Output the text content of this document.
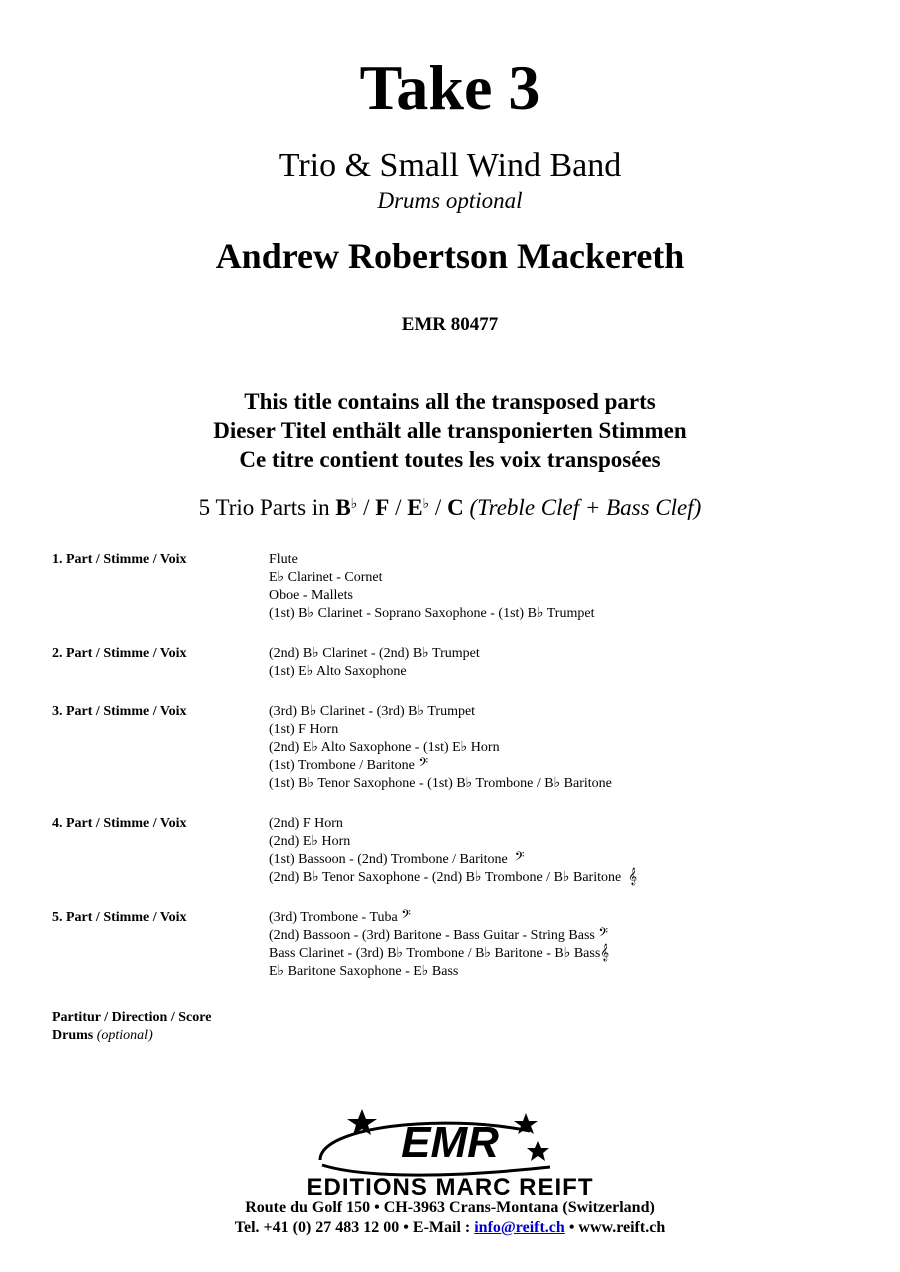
Take 3
Trio & Small Wind Band
Drums optional
Andrew Robertson Mackereth
EMR 80477
This title contains all the transposed parts
Dieser Titel enthält alle transponierten Stimmen
Ce titre contient toutes les voix transposées
5 Trio Parts in B♭ / F / E♭ / C (Treble Clef + Bass Clef)
1. Part / Stimme / Voix	Flute
E♭ Clarinet - Cornet
Oboe - Mallets
(1st) B♭ Clarinet - Soprano Saxophone - (1st) B♭ Trumpet
2. Part / Stimme / Voix	(2nd) B♭ Clarinet - (2nd) B♭ Trumpet
(1st) E♭ Alto Saxophone
3. Part / Stimme / Voix	(3rd) B♭ Clarinet - (3rd) B♭ Trumpet
(1st) F Horn
(2nd) E♭ Alto Saxophone - (1st) E♭ Horn
(1st) Trombone / Baritone 𝄢
(1st) B♭ Tenor Saxophone - (1st) B♭ Trombone / B♭ Baritone
4. Part / Stimme / Voix	(2nd) F Horn
(2nd) E♭ Horn
(1st) Bassoon - (2nd) Trombone / Baritone 𝄢
(2nd) B♭ Tenor Saxophone - (2nd) B♭ Trombone / B♭ Baritone 𝄞
5. Part / Stimme / Voix	(3rd) Trombone - Tuba 𝄢
(2nd) Bassoon - (3rd) Baritone - Bass Guitar - String Bass 𝄢
Bass Clarinet - (3rd) B♭ Trombone / B♭ Baritone - B♭ Bass𝄞
E♭ Baritone Saxophone - E♭ Bass
Partitur / Direction / Score
Drums (optional)
EMR
EDITIONS MARC REIFT
Route du Golf 150 • CH-3963 Crans-Montana (Switzerland)
Tel. +41 (0) 27 483 12 00 • E-Mail : info@reift.ch • www.reift.ch
